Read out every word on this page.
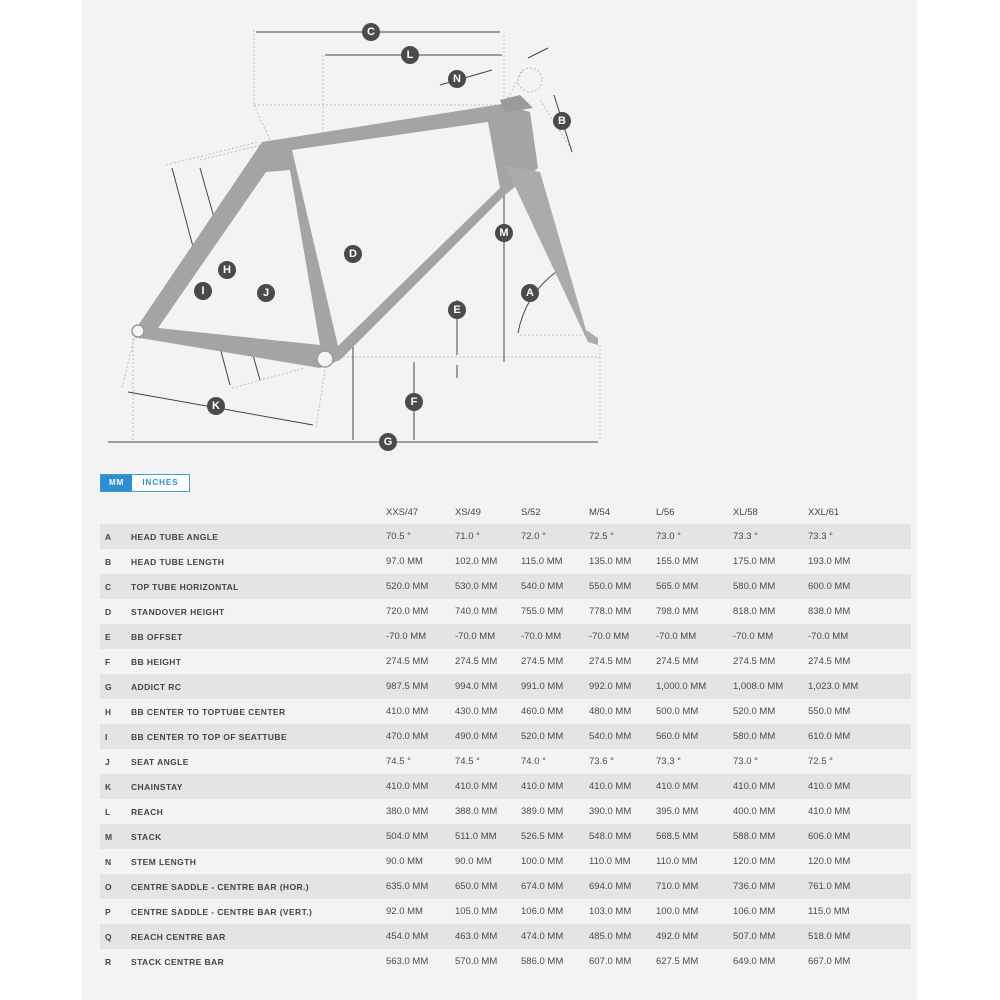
C
L
N
B
D
M
H
I	J	A
E
F
K
G
MM	INCHES
		XXS/47	XS/49	S/52	M/54	L/56	XL/58	XXL/61
A	HEAD TUBE ANGLE	70.5 °	71.0 °	72.0 °	72.5 °	73.0 °	73.3 °	73.3 °
B	HEAD TUBE LENGTH	97.0 MM	102.0 MM	115.0 MM	135.0 MM	155.0 MM	175.0 MM	193.0 MM
C	TOP TUBE HORIZONTAL	520.0 MM	530.0 MM	540.0 MM	550.0 MM	565.0 MM	580.0 MM	600.0 MM
D	STANDOVER HEIGHT	720.0 MM	740.0 MM	755.0 MM	778.0 MM	798.0 MM	818.0 MM	838.0 MM
E	BB OFFSET	-70.0 MM	-70.0 MM	-70.0 MM	-70.0 MM	-70.0 MM	-70.0 MM	-70.0 MM
F	BB HEIGHT	274.5 MM	274.5 MM	274.5 MM	274.5 MM	274.5 MM	274.5 MM	274.5 MM
G	ADDICT RC	987.5 MM	994.0 MM	991.0 MM	992.0 MM	1,000.0 MM	1,008.0 MM	1,023.0 MM
H	BB CENTER TO TOPTUBE CENTER	410.0 MM	430.0 MM	460.0 MM	480.0 MM	500.0 MM	520.0 MM	550.0 MM
I	BB CENTER TO TOP OF SEATTUBE	470.0 MM	490.0 MM	520.0 MM	540.0 MM	560.0 MM	580.0 MM	610.0 MM
J	SEAT ANGLE	74.5 °	74.5 °	74.0 °	73.6 °	73.3 °	73.0 °	72.5 °
K	CHAINSTAY	410.0 MM	410.0 MM	410.0 MM	410.0 MM	410.0 MM	410.0 MM	410.0 MM
L	REACH	380.0 MM	388.0 MM	389.0 MM	390.0 MM	395.0 MM	400.0 MM	410.0 MM
M	STACK	504.0 MM	511.0 MM	526.5 MM	548.0 MM	568.5 MM	588.0 MM	606.0 MM
N	STEM LENGTH	90.0 MM	90.0 MM	100.0 MM	110.0 MM	110.0 MM	120.0 MM	120.0 MM
O	CENTRE SADDLE - CENTRE BAR (HOR.)	635.0 MM	650.0 MM	674.0 MM	694.0 MM	710.0 MM	736.0 MM	761.0 MM
P	CENTRE SADDLE - CENTRE BAR (VERT.)	92.0 MM	105.0 MM	106.0 MM	103.0 MM	100.0 MM	106.0 MM	115.0 MM
Q	REACH CENTRE BAR	454.0 MM	463.0 MM	474.0 MM	485.0 MM	492.0 MM	507.0 MM	518.0 MM
R	STACK CENTRE BAR	563.0 MM	570.0 MM	586.0 MM	607.0 MM	627.5 MM	649.0 MM	667.0 MM
